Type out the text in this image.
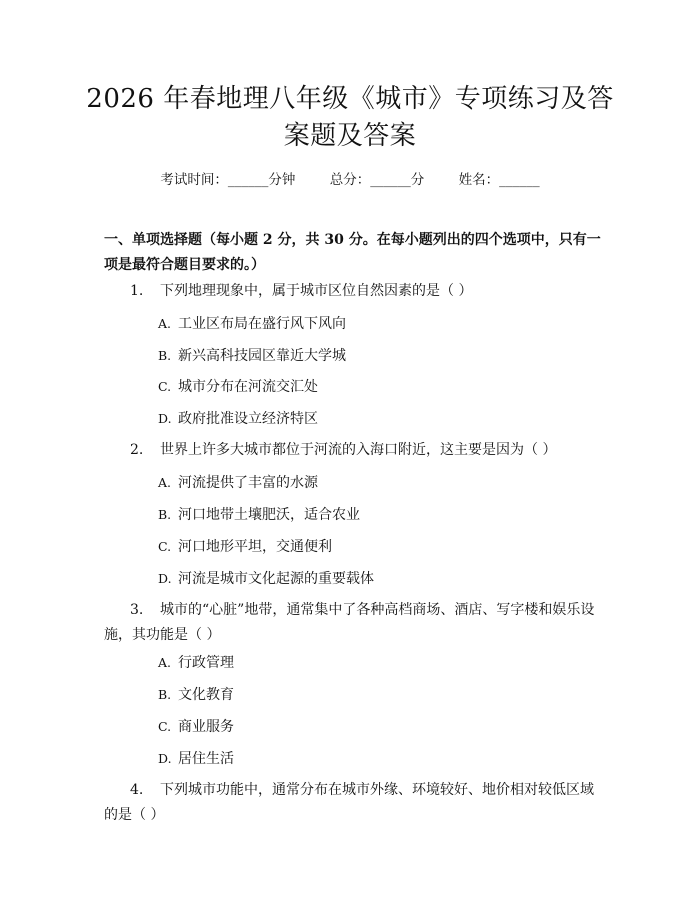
2026 年春地理八年级《城市》专项练习及答
案题及答案
考试时间：______分钟	总分：______分	姓名：______
一、单项选择题（每小题 2 分，共 30 分。在每小题列出的四个选项中，只有一项是最符合题目要求的。）
1. 下列地理现象中，属于城市区位自然因素的是（ ）
A. 工业区布局在盛行风下风向
B. 新兴高科技园区靠近大学城
C. 城市分布在河流交汇处
D. 政府批准设立经济特区
2. 世界上许多大城市都位于河流的入海口附近，这主要是因为（ ）
A. 河流提供了丰富的水源
B. 河口地带土壤肥沃，适合农业
C. 河口地形平坦，交通便利
D. 河流是城市文化起源的重要载体
3. 城市的“心脏”地带，通常集中了各种高档商场、酒店、写字楼和娱乐设施，其功能是（ ）
A. 行政管理
B. 文化教育
C. 商业服务
D. 居住生活
4. 下列城市功能中，通常分布在城市外缘、环境较好、地价相对较低区域的是（ ）
